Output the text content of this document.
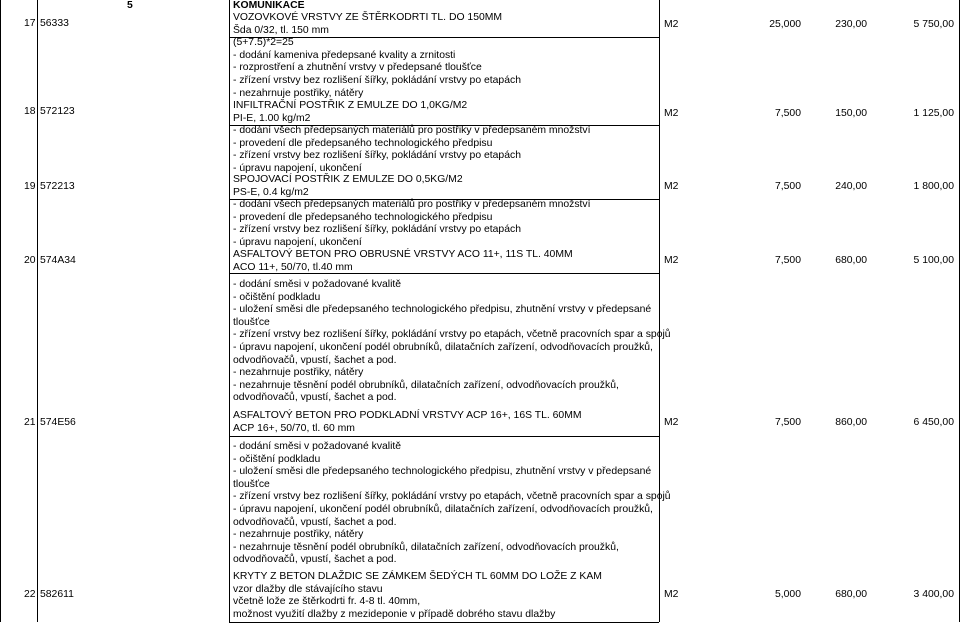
5	KOMUNIKACE
17 56333
VOZOVKOVÉ VRSTVY ZE ŠTĚRKODRTI TL. DO 150MM
Šda 0/32, tl. 150 mm
(5+7.5)*2=25
- dodání kameniva předepsané kvality a zrnitosti
- rozprostření a zhutnění vrstvy v předepsané tloušťce
- zřízení vrstvy bez rozlišení šířky, pokládání vrstvy po etapách
- nezahrnuje postřiky, nátěry
M2	25,000	230,00	5 750,00
18 572123
INFILTRAČNÍ POSTŘIK Z EMULZE DO 1,0KG/M2
PI-E, 1.00 kg/m2
- dodání všech předepsaných materiálů pro postřiky v předepsaném množství
- provedení dle předepsaného technologického předpisu
- zřízení vrstvy bez rozlišení šířky, pokládání vrstvy po etapách
- úpravu napojení, ukončení
M2	7,500	150,00	1 125,00
19 572213
SPOJOVACÍ POSTŘIK Z EMULZE DO 0,5KG/M2
PS-E, 0.4 kg/m2
- dodání všech předepsaných materiálů pro postřiky v předepsaném množství
- provedení dle předepsaného technologického předpisu
- zřízení vrstvy bez rozlišení šířky, pokládání vrstvy po etapách
- úpravu napojení, ukončení
M2	7,500	240,00	1 800,00
20 574A34
ASFALTOVÝ BETON PRO OBRUSNÉ VRSTVY ACO 11+, 11S TL. 40MM
ACO 11+, 50/70, tl.40 mm
- dodání směsi v požadované kvalitě
- očištění podkladu
- uložení směsi dle předepsaného technologického předpisu, zhutnění vrstvy v předepsané
tloušťce
- zřízení vrstvy bez rozlišení šířky, pokládání vrstvy po etapách, včetně pracovních spar a spojů
- úpravu napojení, ukončení podél obrubníků, dilatačních zařízení, odvodňovacích proužků,
odvodňovačů, vpustí, šachet a pod.
- nezahrnuje postřiky, nátěry
- nezahrnuje těsnění podél obrubníků, dilatačních zařízení, odvodňovacích proužků,
odvodňovačů, vpustí, šachet a pod.
M2	7,500	680,00	5 100,00
21 574E56
ASFALTOVÝ BETON PRO PODKLADNÍ VRSTVY ACP 16+, 16S TL. 60MM
ACP 16+, 50/70, tl. 60 mm
- dodání směsi v požadované kvalitě
- očištění podkladu
- uložení směsi dle předepsaného technologického předpisu, zhutnění vrstvy v předepsané
tloušťce
- zřízení vrstvy bez rozlišení šířky, pokládání vrstvy po etapách, včetně pracovních spar a spojů
- úpravu napojení, ukončení podél obrubníků, dilatačních zařízení, odvodňovacích proužků,
odvodňovačů, vpustí, šachet a pod.
- nezahrnuje postřiky, nátěry
- nezahrnuje těsnění podél obrubníků, dilatačních zařízení, odvodňovacích proužků,
odvodňovačů, vpustí, šachet a pod.
M2	7,500	860,00	6 450,00
22 582611
KRYTY Z BETON DLAŽDIC SE ZÁMKEM ŠEDÝCH TL 60MM DO LOŽE Z KAM
vzor dlažby dle stávajícího stavu
včetně lože ze štěrkodrti fr. 4-8 tl. 40mm,
možnost využití dlažby z mezideponie v případě dobrého stavu dlažby
M2	5,000	680,00	3 400,00
